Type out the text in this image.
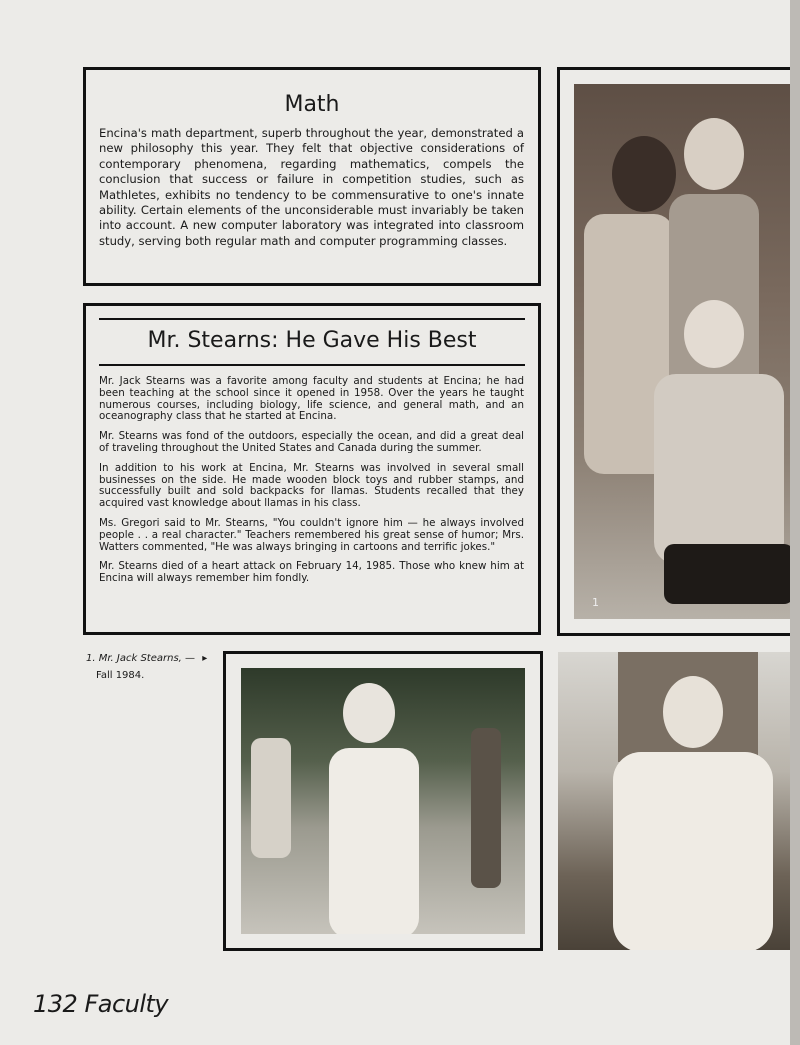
Math
Encina's math department, superb throughout the year, demonstrated a new philosophy this year. They felt that objective considerations of contemporary phenomena, regarding mathematics, compels the conclusion that success or failure in competition studies, such as Mathletes, exhibits no tendency to be commensurative to one's innate ability. Certain elements of the unconsiderable must invariably be taken into account. A new computer laboratory was integrated into classroom study, serving both regular math and computer programming classes.
Mr. Stearns: He Gave His Best

Mr. Jack Stearns was a favorite among faculty and students at Encina; he had been teaching at the school since it opened in 1958. Over the years he taught numerous courses, including biology, life science, and general math, and an oceanography class that he started at Encina.

Mr. Stearns was fond of the outdoors, especially the ocean, and did a great deal of traveling throughout the United States and Canada during the summer.

In addition to his work at Encina, Mr. Stearns was involved in several small businesses on the side. He made wooden block toys and rubber stamps, and successfully built and sold backpacks for llamas. Students recalled that they acquired vast knowledge about llamas in his class.

Ms. Gregori said to Mr. Stearns, "You couldn't ignore him — he always involved people . . a real character." Teachers remembered his great sense of humor; Mrs. Watters commented, "He was always bringing in cartoons and terrific jokes."

Mr. Stearns died of a heart attack on February 14, 1985. Those who knew him at Encina will always remember him fondly.

1
1. Mr. Jack Stearns, — ▸
Fall 1984.
132 Faculty
